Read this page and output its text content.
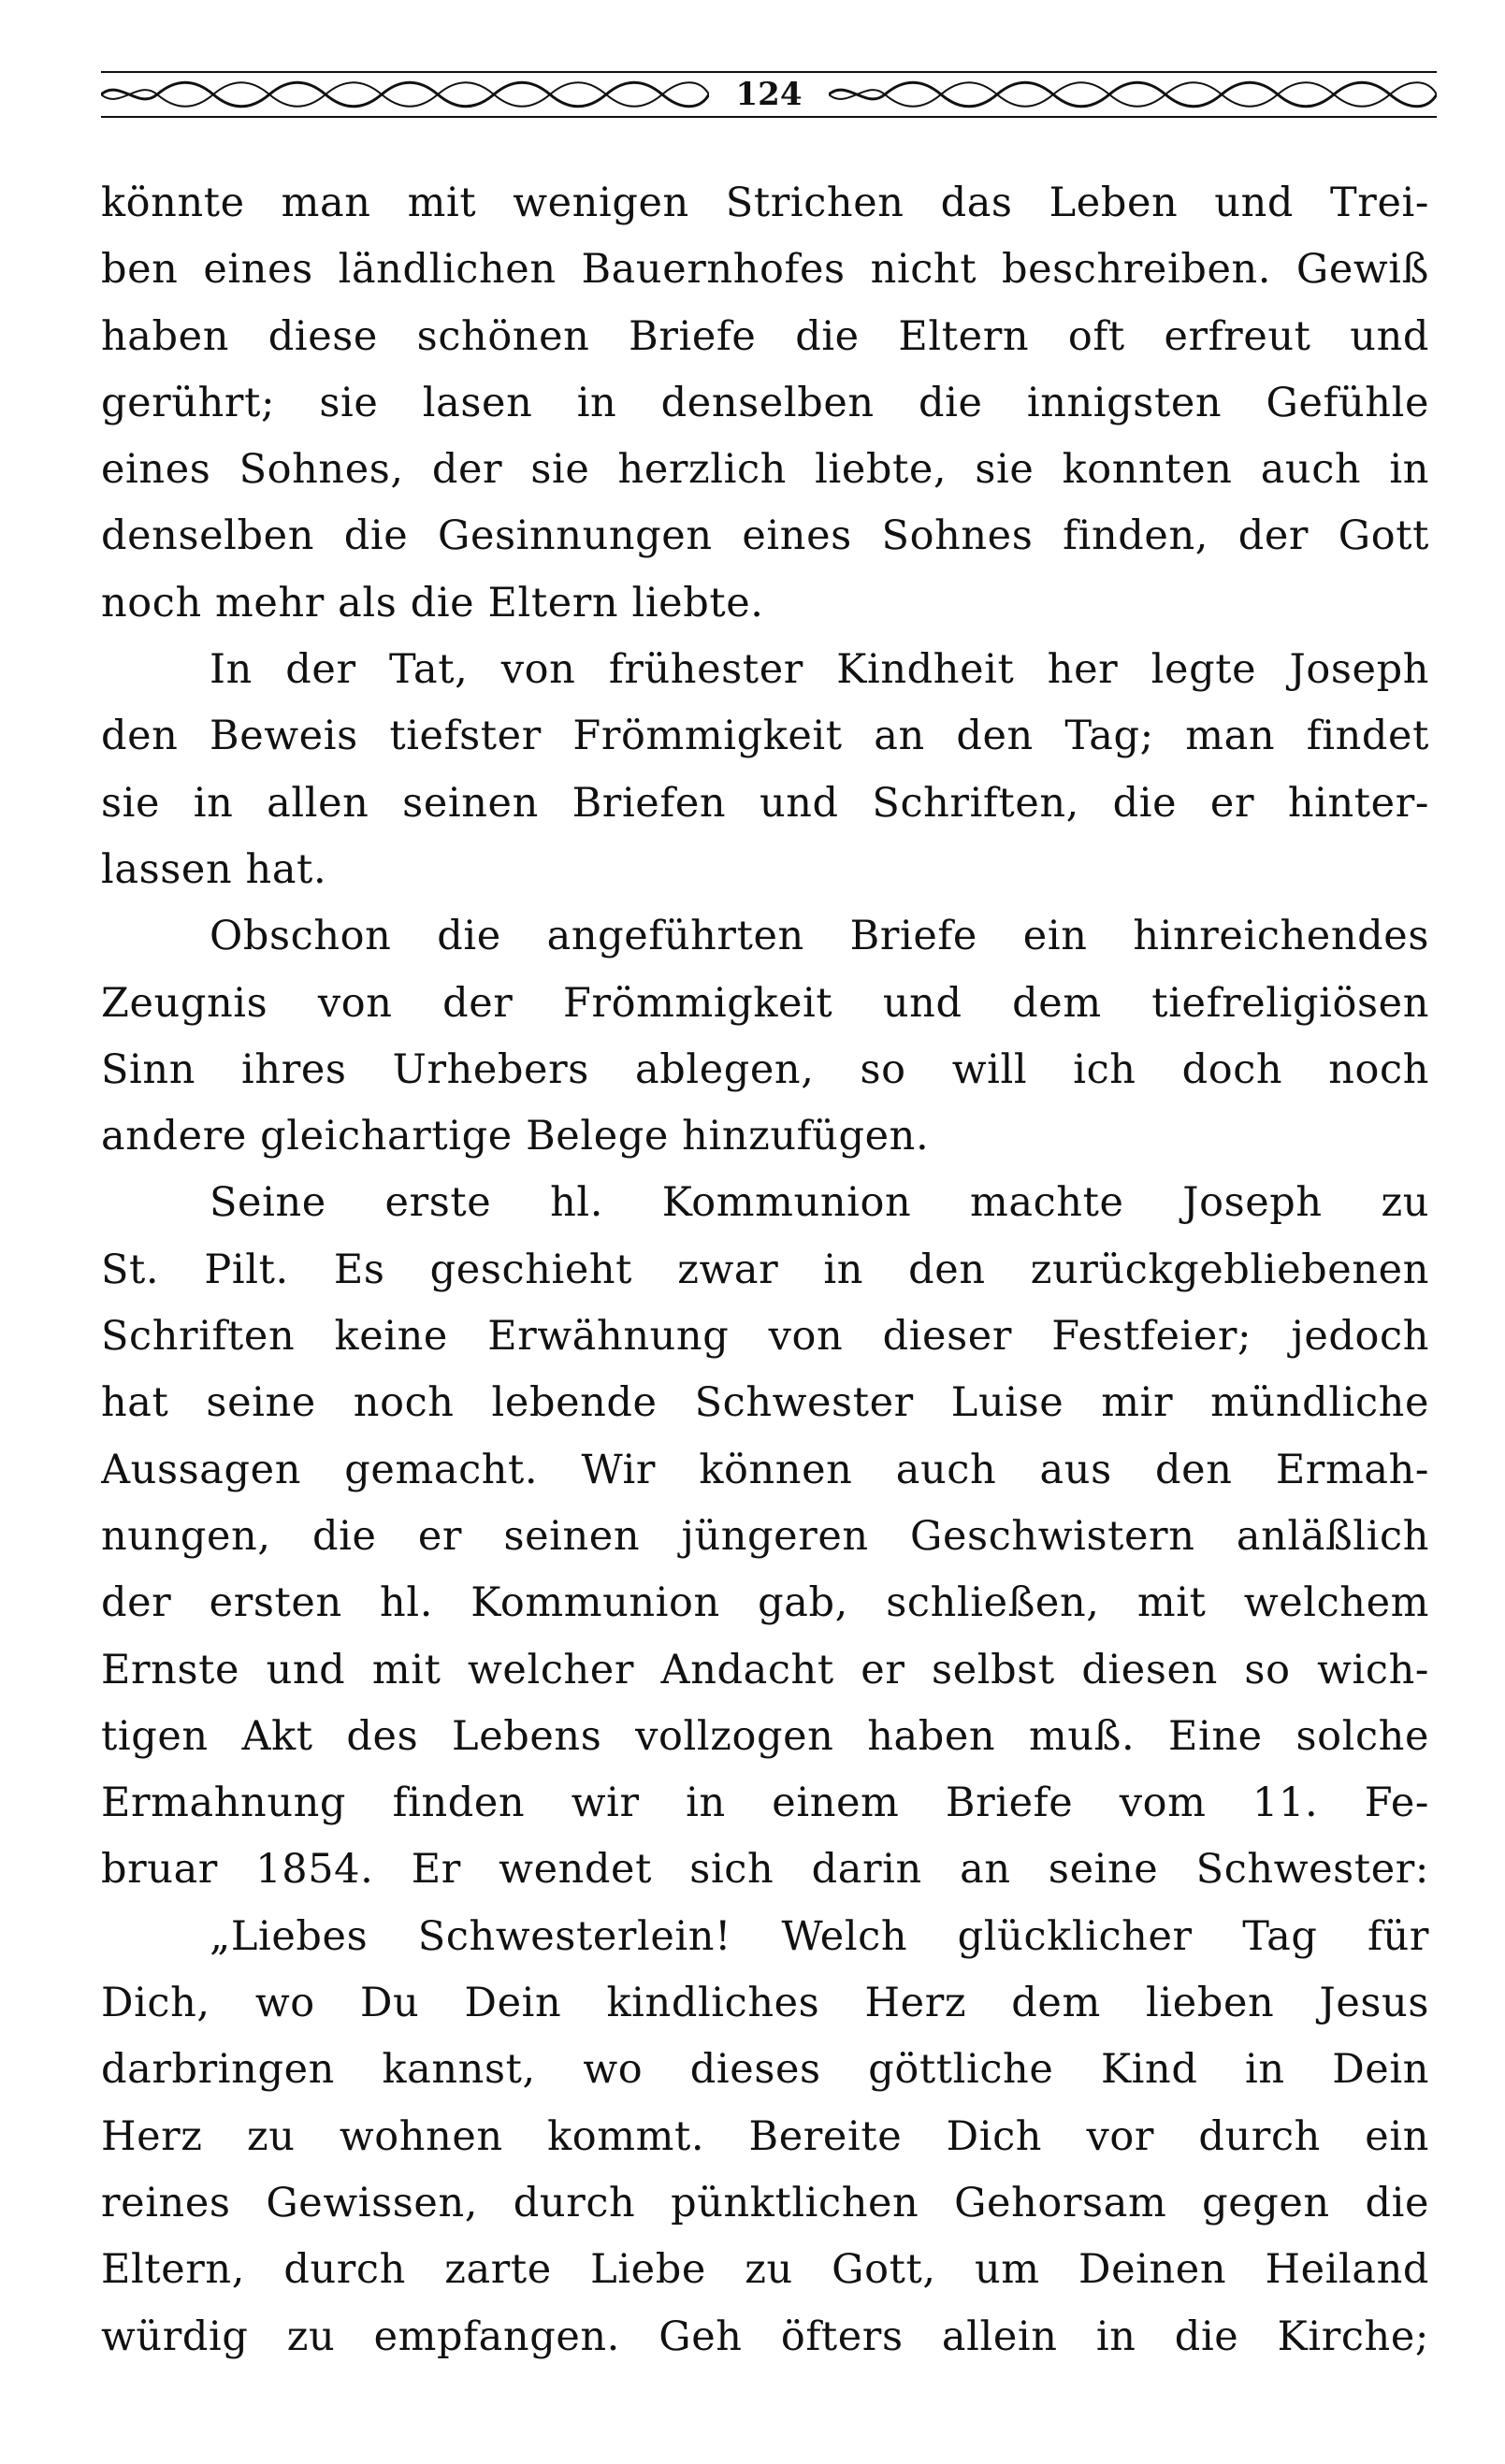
124
könnte man mit wenigen Strichen das Leben und Trei-
ben eines ländlichen Bauernhofes nicht beschreiben. Gewiß
haben diese schönen Briefe die Eltern oft erfreut und
gerührt; sie lasen in denselben die innigsten Gefühle
eines Sohnes, der sie herzlich liebte, sie konnten auch in
denselben die Gesinnungen eines Sohnes finden, der Gott
noch mehr als die Eltern liebte.
In der Tat, von frühester Kindheit her legte Joseph
den Beweis tiefster Frömmigkeit an den Tag; man findet
sie in allen seinen Briefen und Schriften, die er hinter-
lassen hat.
Obschon die angeführten Briefe ein hinreichendes
Zeugnis von der Frömmigkeit und dem tiefreligiösen
Sinn ihres Urhebers ablegen, so will ich doch noch
andere gleichartige Belege hinzufügen.
Seine erste hl. Kommunion machte Joseph zu
St. Pilt. Es geschieht zwar in den zurückgebliebenen
Schriften keine Erwähnung von dieser Festfeier; jedoch
hat seine noch lebende Schwester Luise mir mündliche
Aussagen gemacht. Wir können auch aus den Ermah-
nungen, die er seinen jüngeren Geschwistern anläßlich
der ersten hl. Kommunion gab, schließen, mit welchem
Ernste und mit welcher Andacht er selbst diesen so wich-
tigen Akt des Lebens vollzogen haben muß. Eine solche
Ermahnung finden wir in einem Briefe vom 11. Fe-
bruar 1854. Er wendet sich darin an seine Schwester:
„Liebes Schwesterlein! Welch glücklicher Tag für
Dich, wo Du Dein kindliches Herz dem lieben Jesus
darbringen kannst, wo dieses göttliche Kind in Dein
Herz zu wohnen kommt. Bereite Dich vor durch ein
reines Gewissen, durch pünktlichen Gehorsam gegen die
Eltern, durch zarte Liebe zu Gott, um Deinen Heiland
würdig zu empfangen. Geh öfters allein in die Kirche;
